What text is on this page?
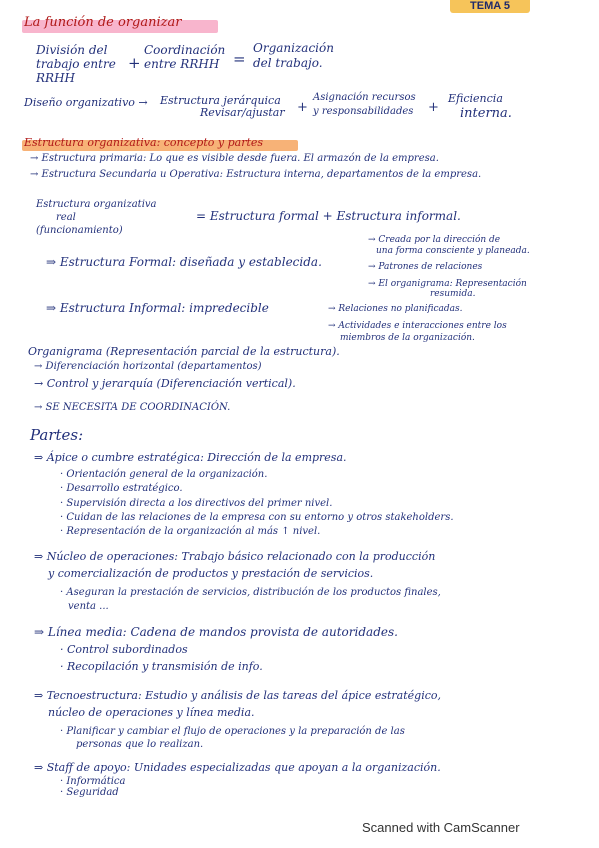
TEMA 5
La función de organizar
División del
trabajo entre
RRHH
+
Coordinación
entre RRHH =
Organización
del trabajo.
Diseño organizativo → Estructura jerárquica
Revisar/ajustar +
Asignación recursos
y responsabilidades +
Eficiencia
interna.
Estructura organizativa: concepto y partes
→ Estructura primaria: Lo que es visible desde fuera. El armazón de la empresa.
→ Estructura Secundaria u Operativa: Estructura interna, departamentos de la empresa.
Estructura organizativa
real
(funcionamiento)
= Estructura formal + Estructura informal.
⇒ Estructura Formal: diseñada y establecida.
→ Creada por la dirección de
una forma consciente y planeada.
→ Patrones de relaciones
→ El organigrama: Representación
resumida.
⇒ Estructura Informal: impredecible	→ Relaciones no planificadas.
→ Actividades e interacciones entre los
miembros de la organización.
Organigrama (Representación parcial de la estructura).
→ Diferenciación horizontal (departamentos)
→ Control y jerarquía (Diferenciación vertical).
→ SE NECESITA DE COORDINACIÓN.
Partes:
⇒ Ápice o cumbre estratégica: Dirección de la empresa.
· Orientación general de la organización.
· Desarrollo estratégico.
· Supervisión directa a los directivos del primer nivel.
· Cuidan de las relaciones de la empresa con su entorno y otros stakeholders.
· Representación de la organización al más ↑ nivel.
⇒ Núcleo de operaciones: Trabajo básico relacionado con la producción
y comercialización de productos y prestación de servicios.
· Aseguran la prestación de servicios, distribución de los productos finales,
venta ...
⇒ Línea media: Cadena de mandos provista de autoridades.
· Control subordinados
· Recopilación y transmisión de info.
⇒ Tecnoestructura: Estudio y análisis de las tareas del ápice estratégico,
núcleo de operaciones y línea media.
· Planificar y cambiar el flujo de operaciones y la preparación de las
personas que lo realizan.
⇒ Staff de apoyo: Unidades especializadas que apoyan a la organización.
· Informática
· Seguridad
Scanned with CamScanner
